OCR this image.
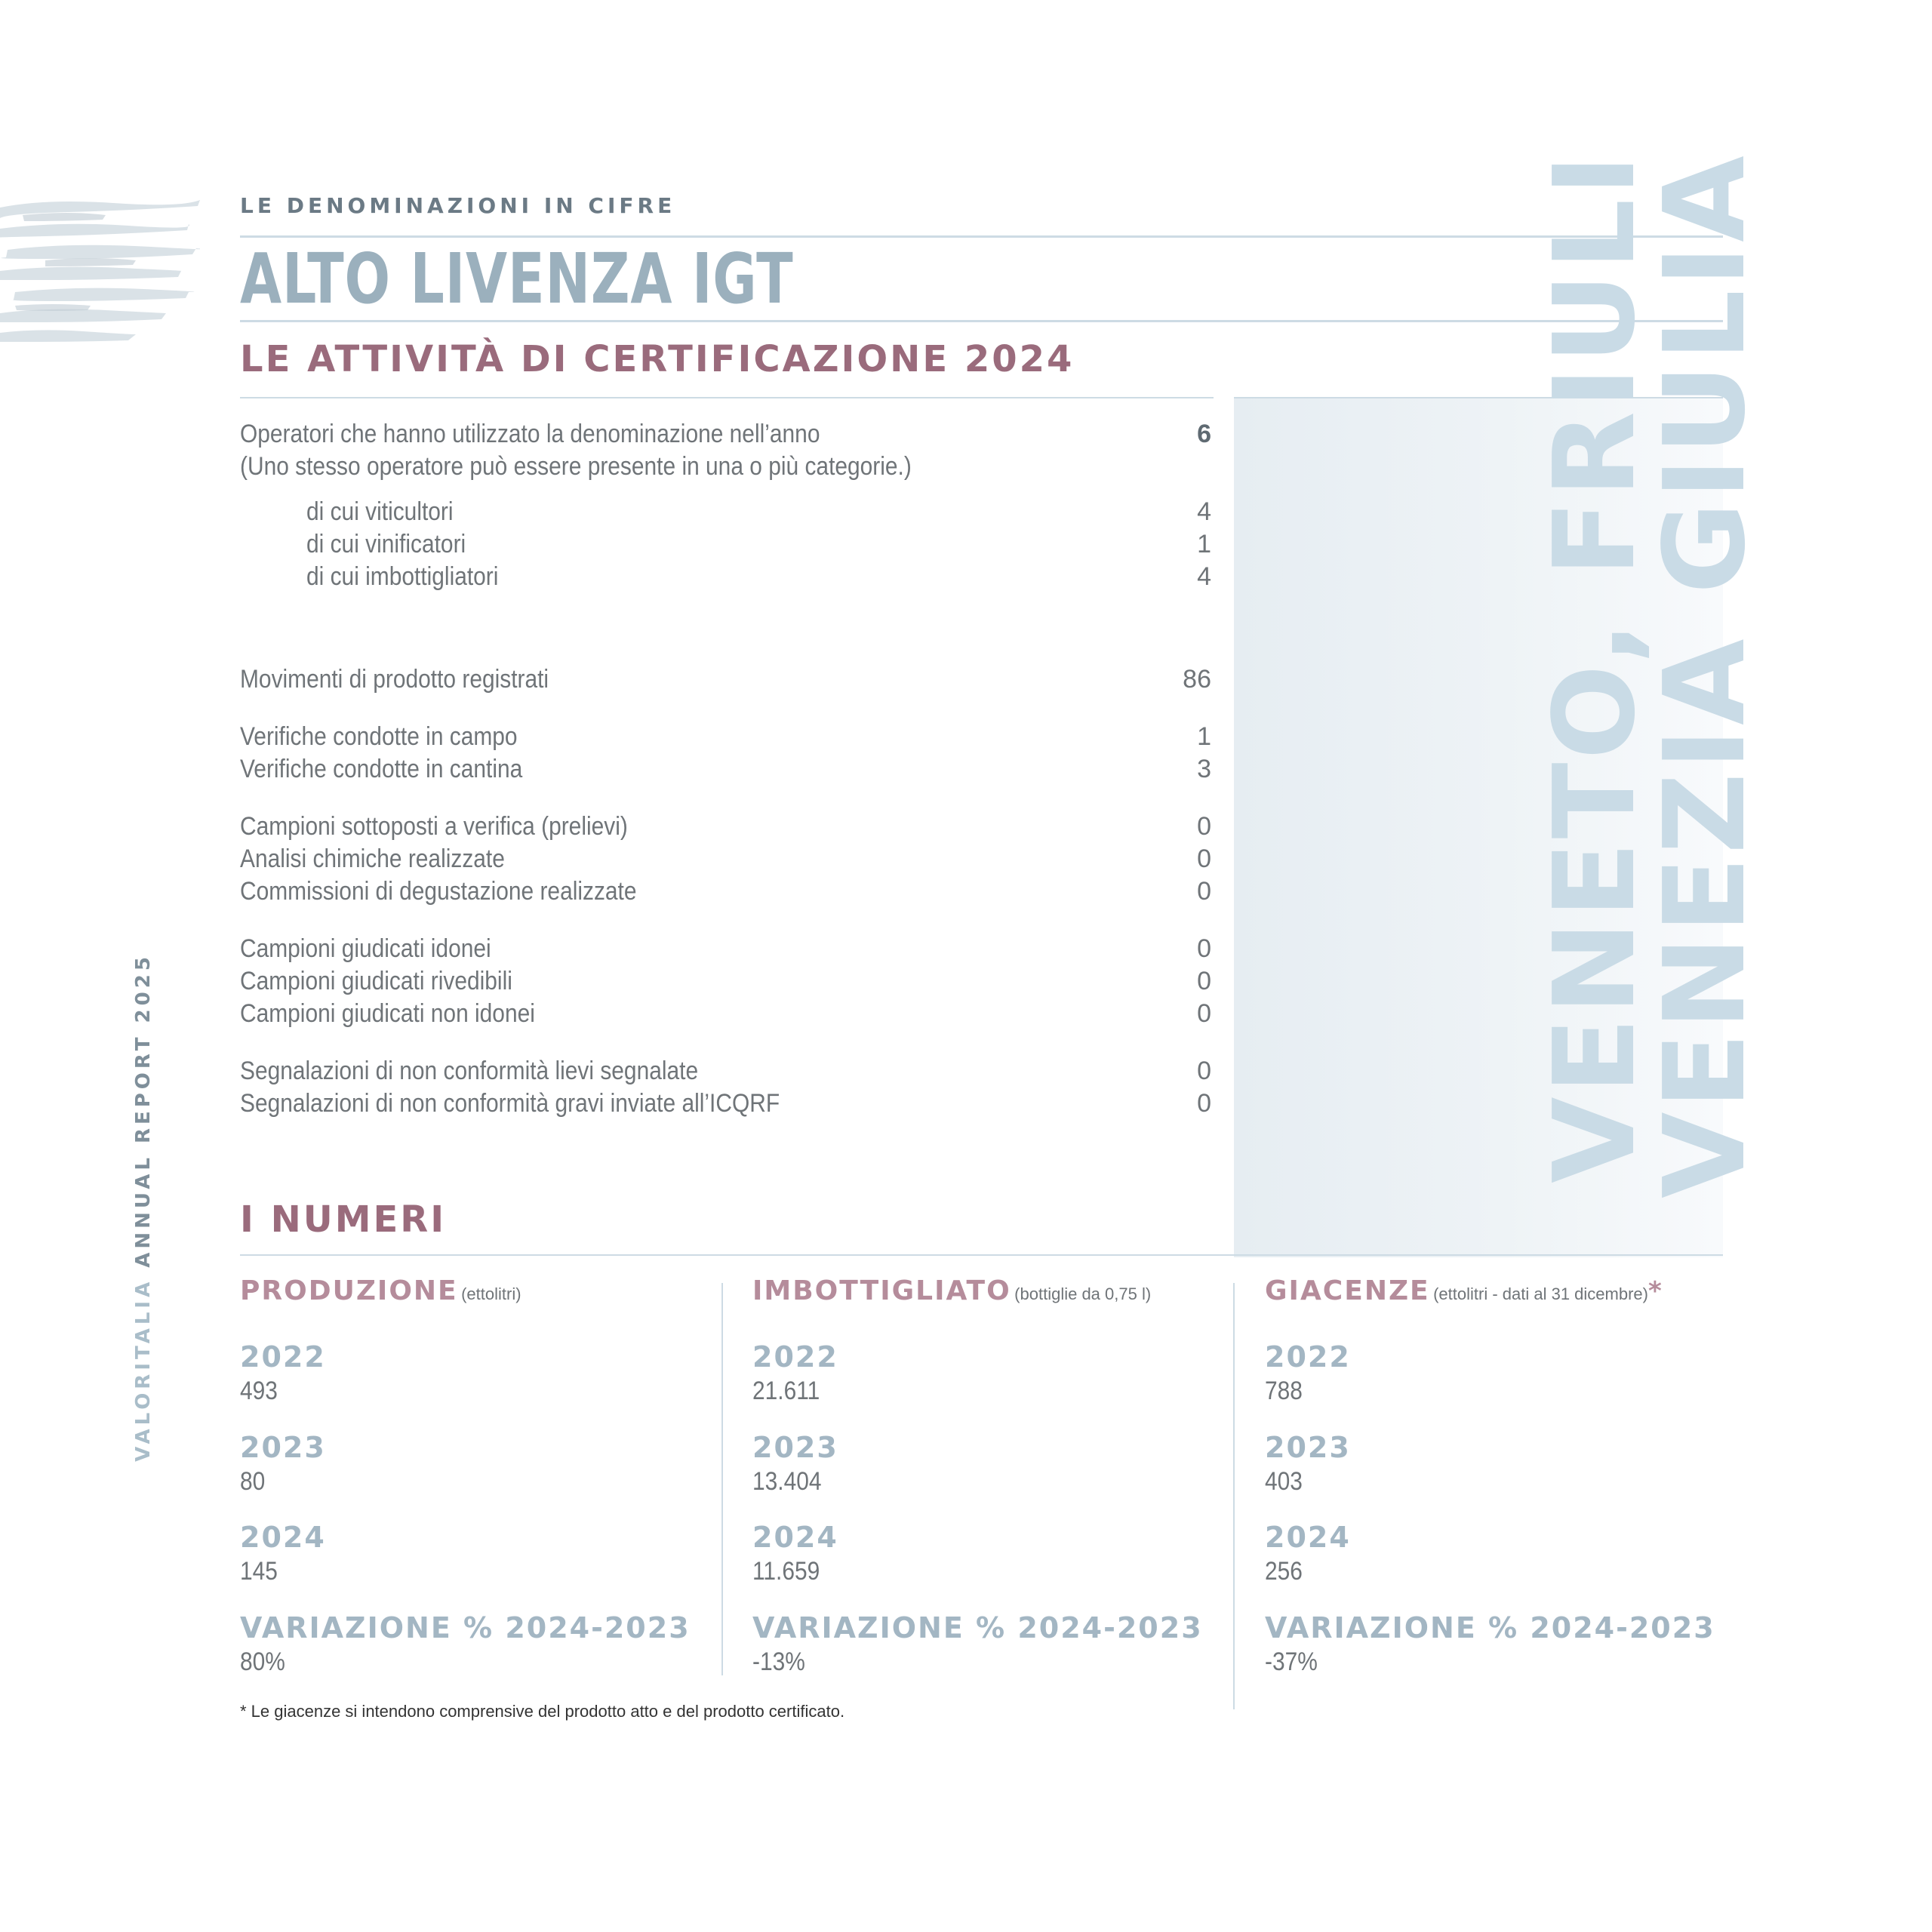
VALORITALIA ANNUAL REPORT 2025
LE DENOMINAZIONI IN CIFRE
ALTO LIVENZA IGT
LE ATTIVITÀ DI CERTIFICAZIONE 2024	VENETO, FRIULI
VENEZIA GIULIA
Operatori che hanno utilizzato la denominazione nell’anno	6
(Uno stesso operatore può essere presente in una o più categorie.)
di cui viticultori	4
di cui vinificatori	1
di cui imbottigliatori	4
Movimenti di prodotto registrati	86
Verifiche condotte in campo	1
Verifiche condotte in cantina	3
Campioni sottoposti a verifica (prelievi)	0
Analisi chimiche realizzate	0
Commissioni di degustazione realizzate	0
Campioni giudicati idonei	0
Campioni giudicati rivedibili	0
Campioni giudicati non idonei	0
Segnalazioni di non conformità lievi segnalate	0
Segnalazioni di non conformità gravi inviate all’ICQRF	0
I NUMERI
PRODUZIONE (ettolitri)
2022
493
2023
80
2024
145
VARIAZIONE % 2024-2023
80%
IMBOTTIGLIATO (bottiglie da 0,75 l)
2022
21.611
2023
13.404
2024
11.659
VARIAZIONE % 2024-2023
-13%
GIACENZE (ettolitri - dati al 31 dicembre)*
2022
788
2023
403
2024
256
VARIAZIONE % 2024-2023
-37%
* Le giacenze si intendono comprensive del prodotto atto e del prodotto certificato.
